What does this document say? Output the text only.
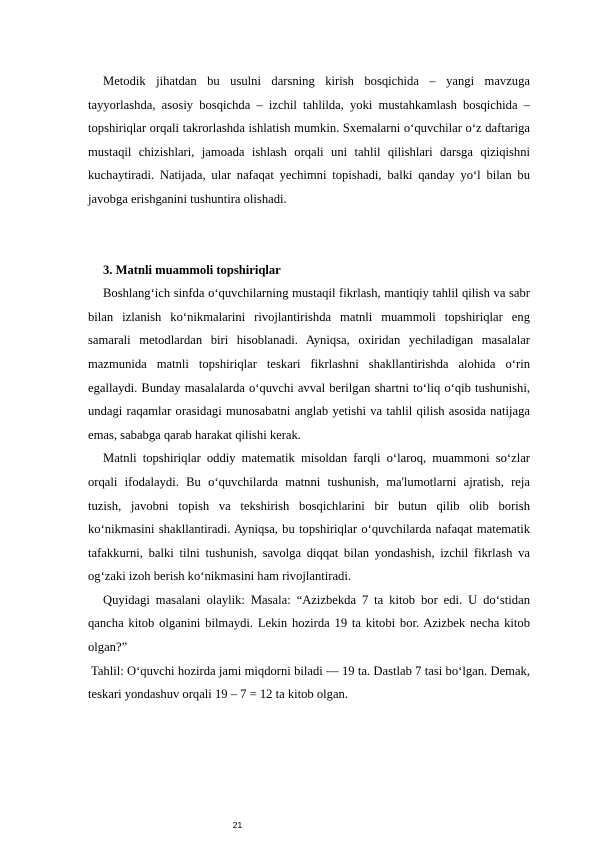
Metodik jihatdan bu usulni darsning kirish bosqichida – yangi mavzuga tayyorlashda, asosiy bosqichda – izchil tahlilda, yoki mustahkamlash bosqichida – topshiriqlar orqali takrorlashda ishlatish mumkin. Sxemalarni o‘quvchilar o‘z daftariga mustaqil chizishlari, jamoada ishlash orqali uni tahlil qilishlari darsga qiziqishni kuchaytiradi. Natijada, ular nafaqat yechimni topishadi, balki qanday yo‘l bilan bu javobga erishganini tushuntira olishadi.

3. Matnli muammoli topshiriqlar

Boshlang‘ich sinfda o‘quvchilarning mustaqil fikrlash, mantiqiy tahlil qilish va sabr bilan izlanish ko‘nikmalarini rivojlantirishda matnli muammoli topshiriqlar eng samarali metodlardan biri hisoblanadi. Ayniqsa, oxiridan yechiladigan masalalar mazmunida matnli topshiriqlar teskari fikrlashni shakllantirishda alohida o‘rin egallaydi. Bunday masalalarda o‘quvchi avval berilgan shartni to‘liq o‘qib tushunishi, undagi raqamlar orasidagi munosabatni anglab yetishi va tahlil qilish asosida natijaga emas, sababga qarab harakat qilishi kerak.

Matnli topshiriqlar oddiy matematik misoldan farqli o‘laroq, muammoni so‘zlar orqali ifodalaydi. Bu o‘quvchilarda matnni tushunish, ma'lumotlarni ajratish, reja tuzish, javobni topish va tekshirish bosqichlarini bir butun qilib olib borish ko‘nikmasini shakllantiradi. Ayniqsa, bu topshiriqlar o‘quvchilarda nafaqat matematik tafakkurni, balki tilni tushunish, savolga diqqat bilan yondashish, izchil fikrlash va og‘zaki izoh berish ko‘nikmasini ham rivojlantiradi.

Quyidagi masalani olaylik: Masala: “Azizbekda 7 ta kitob bor edi. U do‘stidan qancha kitob olganini bilmaydi. Lekin hozirda 19 ta kitobi bor. Azizbek necha kitob olgan?”

Tahlil: O‘quvchi hozirda jami miqdorni biladi — 19 ta. Dastlab 7 tasi bo‘lgan. Demak, teskari yondashuv orqali 19 – 7 = 12 ta kitob olgan.

21
